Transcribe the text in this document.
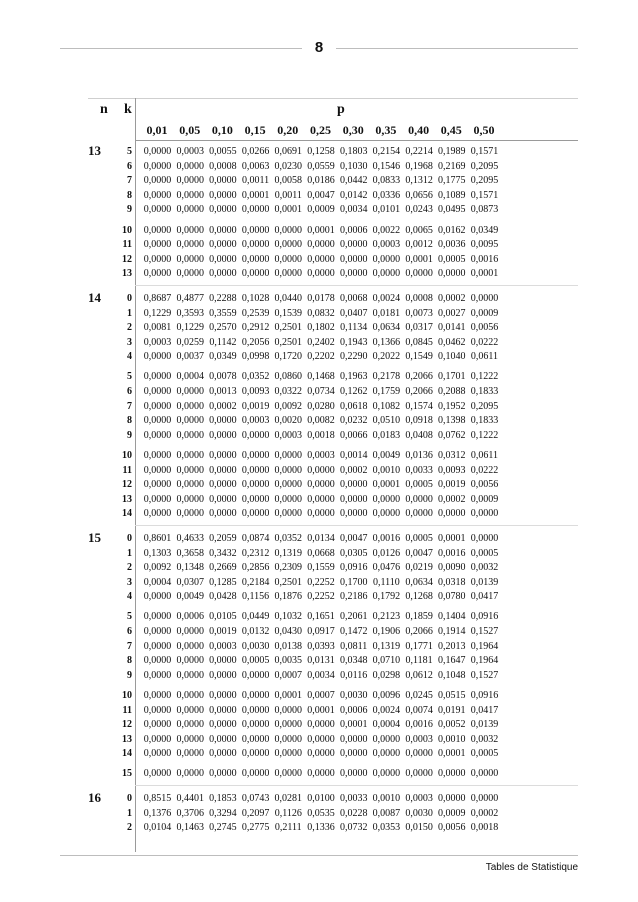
8
n k	p
0,01 0,05 0,10 0,15 0,20 0,25 0,30 0,35 0,40 0,45 0,50
13	5	0,0000 0,0003 0,0055 0,0266 0,0691 0,1258 0,1803 0,2154 0,2214 0,1989 0,1571
6	0,0000 0,0000 0,0008 0,0063 0,0230 0,0559 0,1030 0,1546 0,1968 0,2169 0,2095
7	0,0000 0,0000 0,0000 0,0011 0,0058 0,0186 0,0442 0,0833 0,1312 0,1775 0,2095
8	0,0000 0,0000 0,0000 0,0001 0,0011 0,0047 0,0142 0,0336 0,0656 0,1089 0,1571
9	0,0000 0,0000 0,0000 0,0000 0,0001 0,0009 0,0034 0,0101 0,0243 0,0495 0,0873
10	0,0000 0,0000 0,0000 0,0000 0,0000 0,0001 0,0006 0,0022 0,0065 0,0162 0,0349
11	0,0000 0,0000 0,0000 0,0000 0,0000 0,0000 0,0000 0,0003 0,0012 0,0036 0,0095
12	0,0000 0,0000 0,0000 0,0000 0,0000 0,0000 0,0000 0,0000 0,0001 0,0005 0,0016
13	0,0000 0,0000 0,0000 0,0000 0,0000 0,0000 0,0000 0,0000 0,0000 0,0000 0,0001
14	0	0,8687 0,4877 0,2288 0,1028 0,0440 0,0178 0,0068 0,0024 0,0008 0,0002 0,0000
1	0,1229 0,3593 0,3559 0,2539 0,1539 0,0832 0,0407 0,0181 0,0073 0,0027 0,0009
2	0,0081 0,1229 0,2570 0,2912 0,2501 0,1802 0,1134 0,0634 0,0317 0,0141 0,0056
3	0,0003 0,0259 0,1142 0,2056 0,2501 0,2402 0,1943 0,1366 0,0845 0,0462 0,0222
4	0,0000 0,0037 0,0349 0,0998 0,1720 0,2202 0,2290 0,2022 0,1549 0,1040 0,0611
5	0,0000 0,0004 0,0078 0,0352 0,0860 0,1468 0,1963 0,2178 0,2066 0,1701 0,1222
6	0,0000 0,0000 0,0013 0,0093 0,0322 0,0734 0,1262 0,1759 0,2066 0,2088 0,1833
7	0,0000 0,0000 0,0002 0,0019 0,0092 0,0280 0,0618 0,1082 0,1574 0,1952 0,2095
8	0,0000 0,0000 0,0000 0,0003 0,0020 0,0082 0,0232 0,0510 0,0918 0,1398 0,1833
9	0,0000 0,0000 0,0000 0,0000 0,0003 0,0018 0,0066 0,0183 0,0408 0,0762 0,1222
10	0,0000 0,0000 0,0000 0,0000 0,0000 0,0003 0,0014 0,0049 0,0136 0,0312 0,0611
11	0,0000 0,0000 0,0000 0,0000 0,0000 0,0000 0,0002 0,0010 0,0033 0,0093 0,0222
12	0,0000 0,0000 0,0000 0,0000 0,0000 0,0000 0,0000 0,0001 0,0005 0,0019 0,0056
13	0,0000 0,0000 0,0000 0,0000 0,0000 0,0000 0,0000 0,0000 0,0000 0,0002 0,0009
14	0,0000 0,0000 0,0000 0,0000 0,0000 0,0000 0,0000 0,0000 0,0000 0,0000 0,0000
15	0	0,8601 0,4633 0,2059 0,0874 0,0352 0,0134 0,0047 0,0016 0,0005 0,0001 0,0000
1	0,1303 0,3658 0,3432 0,2312 0,1319 0,0668 0,0305 0,0126 0,0047 0,0016 0,0005
2	0,0092 0,1348 0,2669 0,2856 0,2309 0,1559 0,0916 0,0476 0,0219 0,0090 0,0032
3	0,0004 0,0307 0,1285 0,2184 0,2501 0,2252 0,1700 0,1110 0,0634 0,0318 0,0139
4	0,0000 0,0049 0,0428 0,1156 0,1876 0,2252 0,2186 0,1792 0,1268 0,0780 0,0417
5	0,0000 0,0006 0,0105 0,0449 0,1032 0,1651 0,2061 0,2123 0,1859 0,1404 0,0916
6	0,0000 0,0000 0,0019 0,0132 0,0430 0,0917 0,1472 0,1906 0,2066 0,1914 0,1527
7	0,0000 0,0000 0,0003 0,0030 0,0138 0,0393 0,0811 0,1319 0,1771 0,2013 0,1964
8	0,0000 0,0000 0,0000 0,0005 0,0035 0,0131 0,0348 0,0710 0,1181 0,1647 0,1964
9	0,0000 0,0000 0,0000 0,0000 0,0007 0,0034 0,0116 0,0298 0,0612 0,1048 0,1527
10	0,0000 0,0000 0,0000 0,0000 0,0001 0,0007 0,0030 0,0096 0,0245 0,0515 0,0916
11	0,0000 0,0000 0,0000 0,0000 0,0000 0,0001 0,0006 0,0024 0,0074 0,0191 0,0417
12	0,0000 0,0000 0,0000 0,0000 0,0000 0,0000 0,0001 0,0004 0,0016 0,0052 0,0139
13	0,0000 0,0000 0,0000 0,0000 0,0000 0,0000 0,0000 0,0000 0,0003 0,0010 0,0032
14	0,0000 0,0000 0,0000 0,0000 0,0000 0,0000 0,0000 0,0000 0,0000 0,0001 0,0005
15	0,0000 0,0000 0,0000 0,0000 0,0000 0,0000 0,0000 0,0000 0,0000 0,0000 0,0000
16	0	0,8515 0,4401 0,1853 0,0743 0,0281 0,0100 0,0033 0,0010 0,0003 0,0000 0,0000
1	0,1376 0,3706 0,3294 0,2097 0,1126 0,0535 0,0228 0,0087 0,0030 0,0009 0,0002
2	0,0104 0,1463 0,2745 0,2775 0,2111 0,1336 0,0732 0,0353 0,0150 0,0056 0,0018
Tables de Statistique
